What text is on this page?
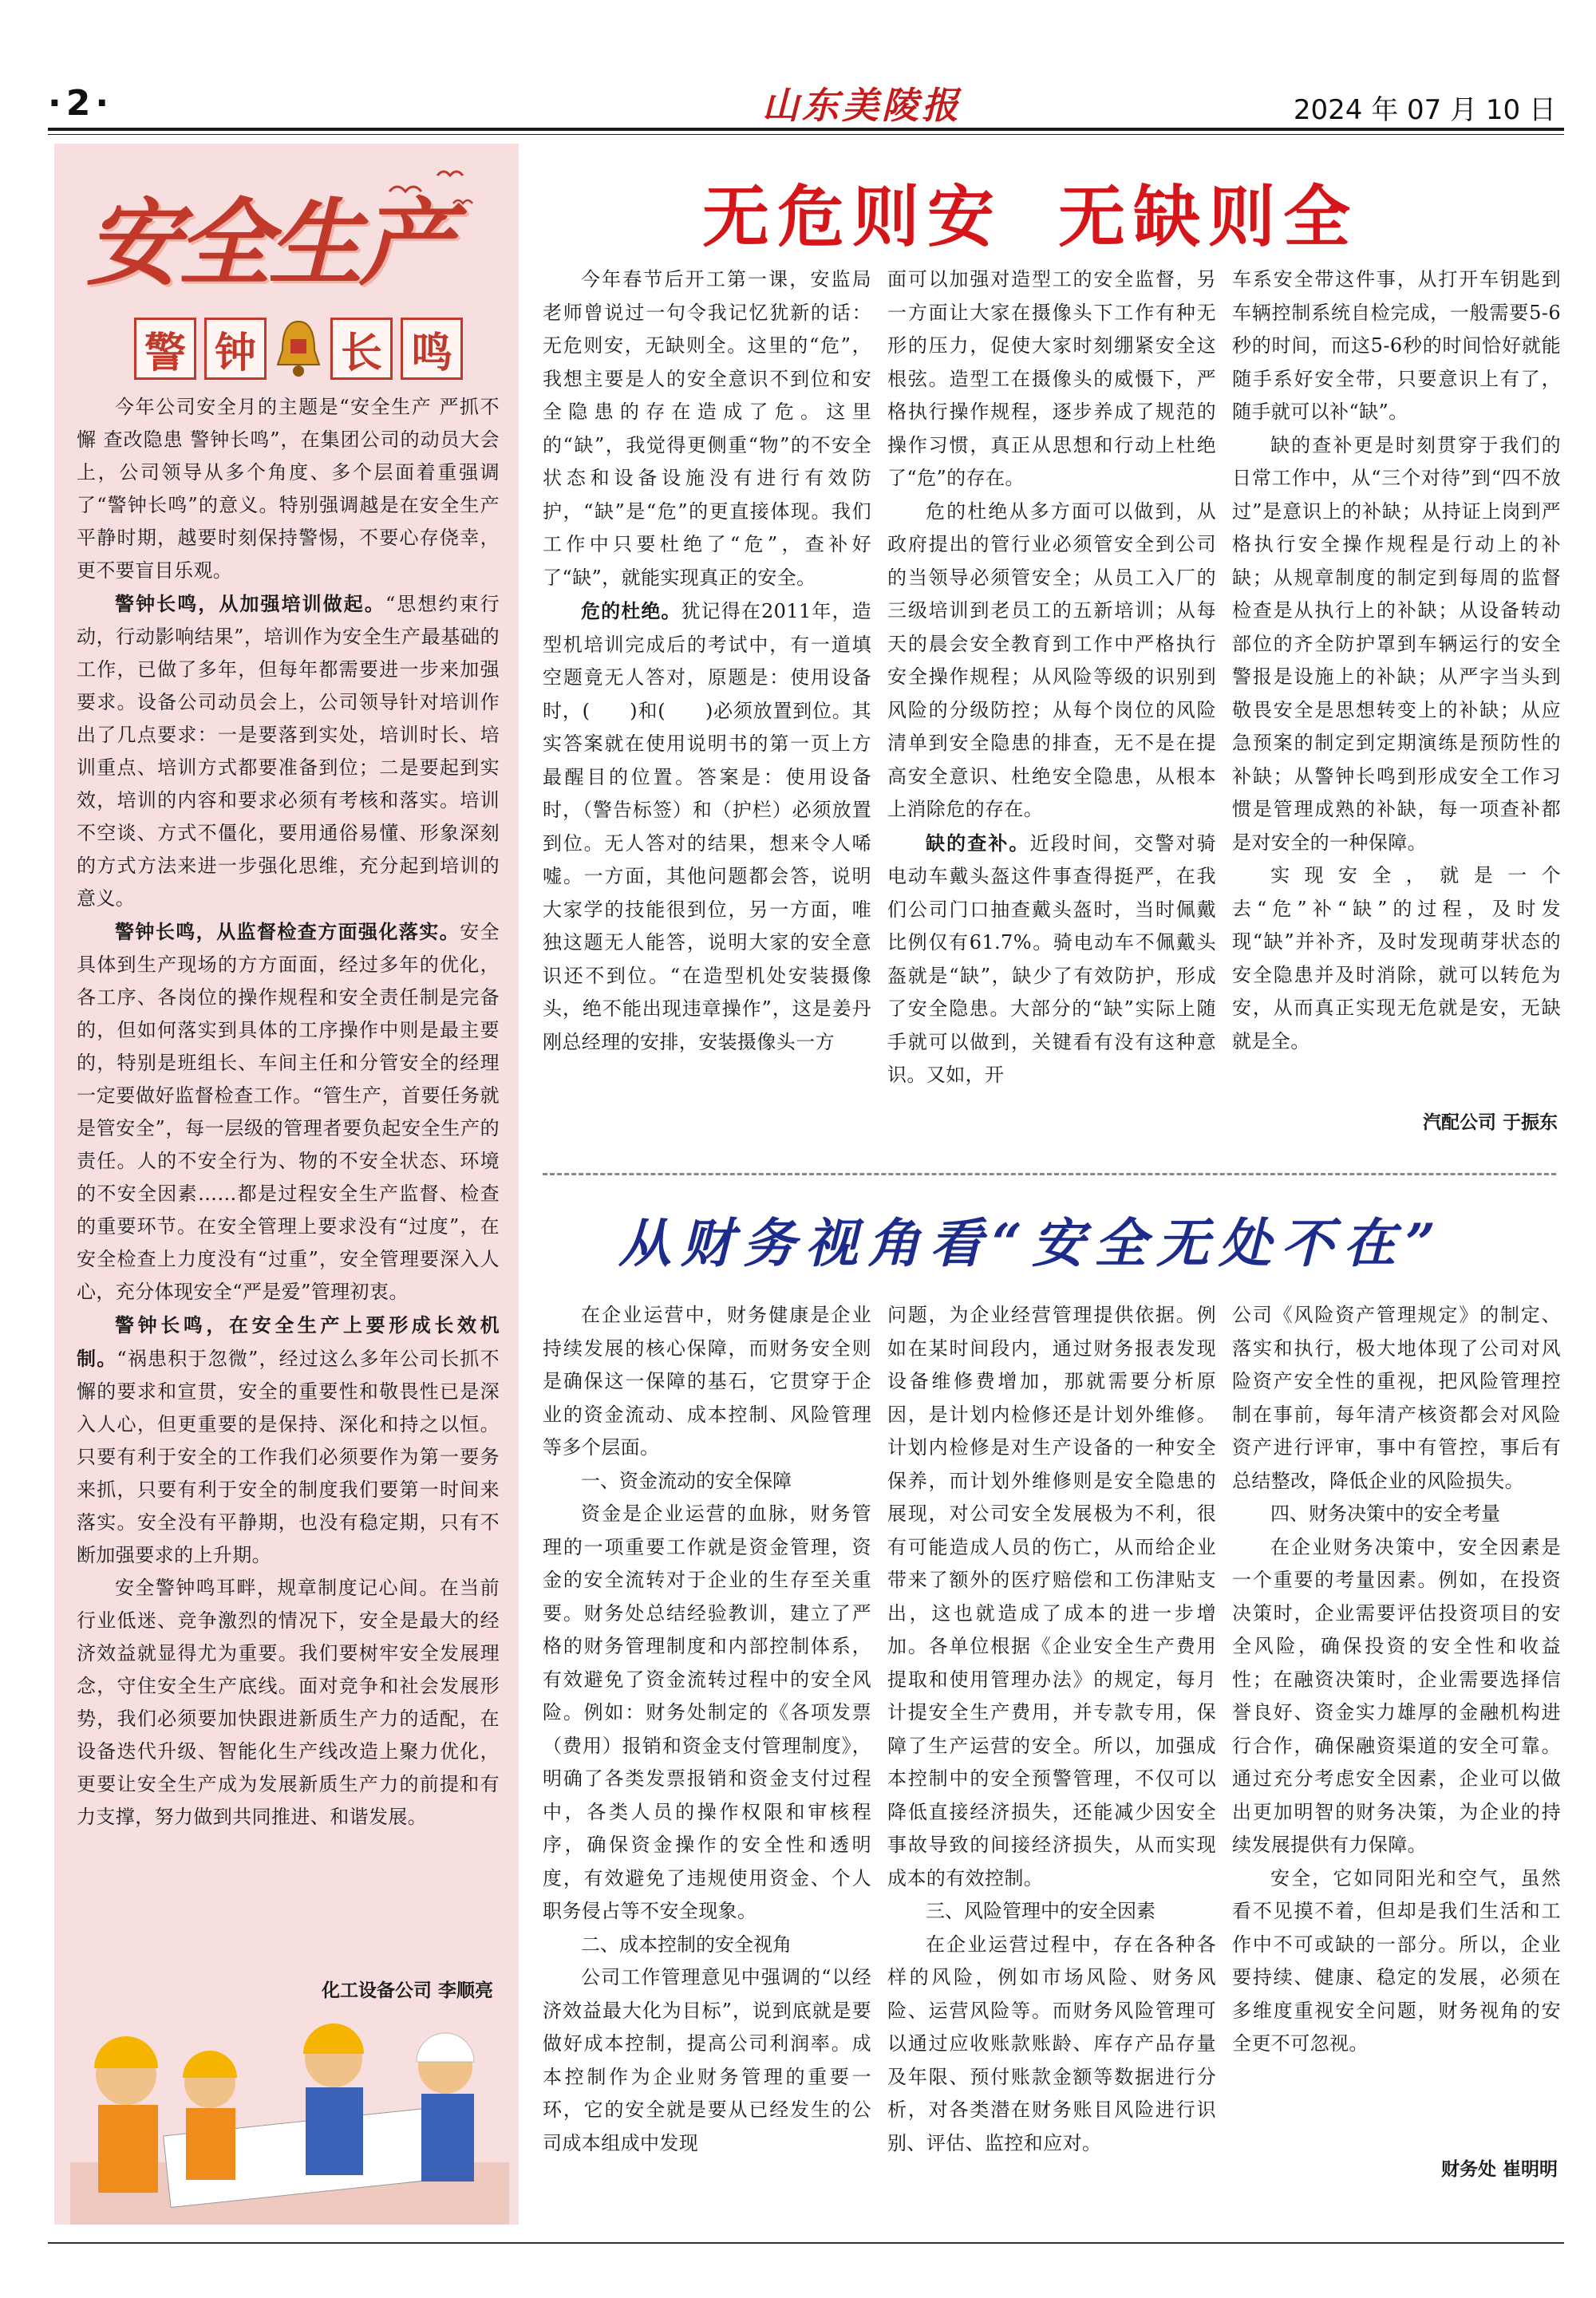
·2·	山东美陵报	2024 年 07 月 10 日
安全生产
警 钟 长 鸣

今年公司安全月的主题是“安全生产 严抓不懈 查改隐患 警钟长鸣”，在集团公司的动员大会上，公司领导从多个角度、多个层面着重强调了“警钟长鸣”的意义。特别强调越是在安全生产平静时期，越要时刻保持警惕，不要心存侥幸，更不要盲目乐观。

警钟长鸣，从加强培训做起。“思想约束行动，行动影响结果”，培训作为安全生产最基础的工作，已做了多年，但每年都需要进一步来加强要求。设备公司动员会上，公司领导针对培训作出了几点要求：一是要落到实处，培训时长、培训重点、培训方式都要准备到位；二是要起到实效，培训的内容和要求必须有考核和落实。培训不空谈、方式不僵化，要用通俗易懂、形象深刻的方式方法来进一步强化思维，充分起到培训的意义。

警钟长鸣，从监督检查方面强化落实。安全具体到生产现场的方方面面，经过多年的优化，各工序、各岗位的操作规程和安全责任制是完备的，但如何落实到具体的工序操作中则是最主要的，特别是班组长、车间主任和分管安全的经理一定要做好监督检查工作。“管生产，首要任务就是管安全”，每一层级的管理者要负起安全生产的责任。人的不安全行为、物的不安全状态、环境的不安全因素……都是过程安全生产监督、检查的重要环节。在安全管理上要求没有“过度”，在安全检查上力度没有“过重”，安全管理要深入人心，充分体现安全“严是爱”管理初衷。

警钟长鸣，在安全生产上要形成长效机制。“祸患积于忽微”，经过这么多年公司长抓不懈的要求和宣贯，安全的重要性和敬畏性已是深入人心，但更重要的是保持、深化和持之以恒。只要有利于安全的工作我们必须要作为第一要务来抓，只要有利于安全的制度我们要第一时间来落实。安全没有平静期，也没有稳定期，只有不断加强要求的上升期。

安全警钟鸣耳畔，规章制度记心间。在当前行业低迷、竞争激烈的情况下，安全是最大的经济效益就显得尤为重要。我们要树牢安全发展理念，守住安全生产底线。面对竞争和社会发展形势，我们必须要加快跟进新质生产力的适配，在设备迭代升级、智能化生产线改造上聚力优化，更要让安全生产成为发展新质生产力的前提和有力支撑，努力做到共同推进、和谐发展。

化工设备公司 李顺亮
无危则安 无缺则全

今年春节后开工第一课，安监局老师曾说过一句令我记忆犹新的话：无危则安，无缺则全。这里的“危”，我想主要是人的安全意识不到位和安全隐患的存在造成了危。这里的“缺”，我觉得更侧重“物”的不安全状态和设备设施没有进行有效防护，“缺”是“危”的更直接体现。我们工作中只要杜绝了“危”，查补好了“缺”，就能实现真正的安全。

危的杜绝。犹记得在2011年，造型机培训完成后的考试中，有一道填空题竟无人答对，原题是：使用设备时，(　　)和(　　)必须放置到位。其实答案就在使用说明书的第一页上方最醒目的位置。答案是：使用设备时，（警告标签）和（护栏）必须放置到位。无人答对的结果，想来令人唏嘘。一方面，其他问题都会答，说明大家学的技能很到位，另一方面，唯独这题无人能答，说明大家的安全意识还不到位。“在造型机处安装摄像头，绝不能出现违章操作”，这是姜丹刚总经理的安排，安装摄像头一方

面可以加强对造型工的安全监督，另一方面让大家在摄像头下工作有种无形的压力，促使大家时刻绷紧安全这根弦。造型工在摄像头的威慑下，严格执行操作规程，逐步养成了规范的操作习惯，真正从思想和行动上杜绝了“危”的存在。

危的杜绝从多方面可以做到，从政府提出的管行业必须管安全到公司的当领导必须管安全；从员工入厂的三级培训到老员工的五新培训；从每天的晨会安全教育到工作中严格执行安全操作规程；从风险等级的识别到风险的分级防控；从每个岗位的风险清单到安全隐患的排查，无不是在提高安全意识、杜绝安全隐患，从根本上消除危的存在。

缺的查补。近段时间，交警对骑电动车戴头盔这件事查得挺严，在我们公司门口抽查戴头盔时，当时佩戴比例仅有61.7%。骑电动车不佩戴头盔就是“缺”，缺少了有效防护，形成了安全隐患。大部分的“缺”实际上随手就可以做到，关键看有没有这种意识。又如，开

车系安全带这件事，从打开车钥匙到车辆控制系统自检完成，一般需要5-6秒的时间，而这5-6秒的时间恰好就能随手系好安全带，只要意识上有了，随手就可以补“缺”。

缺的查补更是时刻贯穿于我们的日常工作中，从“三个对待”到“四不放过”是意识上的补缺；从持证上岗到严格执行安全操作规程是行动上的补缺；从规章制度的制定到每周的监督检查是从执行上的补缺；从设备转动部位的齐全防护罩到车辆运行的安全警报是设施上的补缺；从严字当头到敬畏安全是思想转变上的补缺；从应急预案的制定到定期演练是预防性的补缺；从警钟长鸣到形成安全工作习惯是管理成熟的补缺，每一项查补都是对安全的一种保障。

实现安全，就是一个去“危”补“缺”的过程，及时发现“缺”并补齐，及时发现萌芽状态的安全隐患并及时消除，就可以转危为安，从而真正实现无危就是安，无缺就是全。

汽配公司 于振东
从财务视角看“安全无处不在”

在企业运营中，财务健康是企业持续发展的核心保障，而财务安全则是确保这一保障的基石，它贯穿于企业的资金流动、成本控制、风险管理等多个层面。

一、资金流动的安全保障

资金是企业运营的血脉，财务管理的一项重要工作就是资金管理，资金的安全流转对于企业的生存至关重要。财务处总结经验教训，建立了严格的财务管理制度和内部控制体系，有效避免了资金流转过程中的安全风险。例如：财务处制定的《各项发票（费用）报销和资金支付管理制度》，明确了各类发票报销和资金支付过程中，各类人员的操作权限和审核程序，确保资金操作的安全性和透明度，有效避免了违规使用资金、个人职务侵占等不安全现象。

二、成本控制的安全视角

公司工作管理意见中强调的“以经济效益最大化为目标”，说到底就是要做好成本控制，提高公司利润率。成本控制作为企业财务管理的重要一环，它的安全就是要从已经发生的公司成本组成中发现

问题，为企业经营管理提供依据。例如在某时间段内，通过财务报表发现设备维修费增加，那就需要分析原因，是计划内检修还是计划外维修。计划内检修是对生产设备的一种安全保养，而计划外维修则是安全隐患的展现，对公司安全发展极为不利，很有可能造成人员的伤亡，从而给企业带来了额外的医疗赔偿和工伤津贴支出，这也就造成了成本的进一步增加。各单位根据《企业安全生产费用提取和使用管理办法》的规定，每月计提安全生产费用，并专款专用，保障了生产运营的安全。所以，加强成本控制中的安全预警管理，不仅可以降低直接经济损失，还能减少因安全事故导致的间接经济损失，从而实现成本的有效控制。

三、风险管理中的安全因素

在企业运营过程中，存在各种各样的风险，例如市场风险、财务风险、运营风险等。而财务风险管理可以通过应收账款账龄、库存产品存量及年限、预付账款金额等数据进行分析，对各类潜在财务账目风险进行识别、评估、监控和应对。

公司《风险资产管理规定》的制定、落实和执行，极大地体现了公司对风险资产安全性的重视，把风险管理控制在事前，每年清产核资都会对风险资产进行评审，事中有管控，事后有总结整改，降低企业的风险损失。

四、财务决策中的安全考量

在企业财务决策中，安全因素是一个重要的考量因素。例如，在投资决策时，企业需要评估投资项目的安全风险，确保投资的安全性和收益性；在融资决策时，企业需要选择信誉良好、资金实力雄厚的金融机构进行合作，确保融资渠道的安全可靠。通过充分考虑安全因素，企业可以做出更加明智的财务决策，为企业的持续发展提供有力保障。

安全，它如同阳光和空气，虽然看不见摸不着，但却是我们生活和工作中不可或缺的一部分。所以，企业要持续、健康、稳定的发展，必须在多维度重视安全问题，财务视角的安全更不可忽视。

财务处 崔明明
